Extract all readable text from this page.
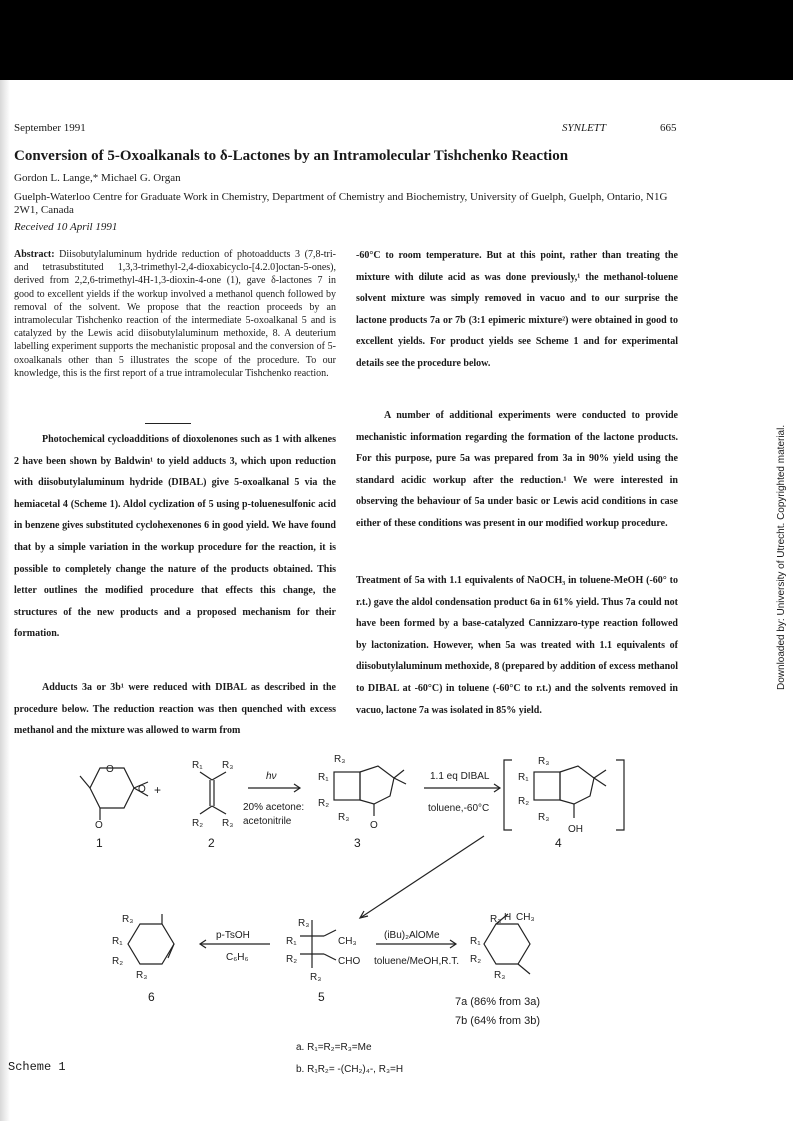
September 1991	SYNLETT	665
Conversion of 5-Oxoalkanals to δ-Lactones by an Intramolecular Tishchenko Reaction
Gordon L. Lange,* Michael G. Organ
Guelph-Waterloo Centre for Graduate Work in Chemistry, Department of Chemistry and Biochemistry, University of Guelph, Guelph, Ontario, N1G 2W1, Canada
Received 10 April 1991
Abstract: Diisobutylaluminum hydride reduction of photoadducts 3 (7,8-tri- and tetrasubstituted 1,3,3-trimethyl-2,4-dioxabicyclo-[4.2.0]octan-5-ones), derived from 2,2,6-trimethyl-4H-1,3-dioxin-4-one (1), gave δ-lactones 7 in good to excellent yields if the workup involved a methanol quench followed by removal of the solvent. We propose that the reaction proceeds by an intramolecular Tishchenko reaction of the intermediate 5-oxoalkanal 5 and is catalyzed by the Lewis acid diisobutylaluminum methoxide, 8. A deuterium labelling experiment supports the mechanistic proposal and the conversion of 5-oxoalkanals other than 5 illustrates the scope of the procedure. To our knowledge, this is the first report of a true intramolecular Tishchenko reaction.
Photochemical cycloadditions of dioxolenones such as 1 with alkenes 2 have been shown by Baldwin¹ to yield adducts 3, which upon reduction with diisobutylaluminum hydride (DIBAL) give 5-oxoalkanal 5 via the hemiacetal 4 (Scheme 1). Aldol cyclization of 5 using p-toluenesulfonic acid in benzene gives substituted cyclohexenones 6 in good yield. We have found that by a simple variation in the workup procedure for the reaction, it is possible to completely change the nature of the products obtained. This letter outlines the modified procedure that effects this change, the structures of the new products and a proposed mechanism for their formation.
Adducts 3a or 3b¹ were reduced with DIBAL as described in the procedure below. The reduction reaction was then quenched with excess methanol and the mixture was allowed to warm from
-60°C to room temperature. But at this point, rather than treating the mixture with dilute acid as was done previously,¹ the methanol-toluene solvent mixture was simply removed in vacuo and to our surprise the lactone products 7a or 7b (3:1 epimeric mixture²) were obtained in good to excellent yields. For product yields see Scheme 1 and for experimental details see the procedure below.
A number of additional experiments were conducted to provide mechanistic information regarding the formation of the lactone products. For this purpose, pure 5a was prepared from 3a in 90% yield using the standard acidic workup after the reduction.¹ We were interested in observing the behaviour of 5a under basic or Lewis acid conditions in case either of these conditions was present in our modified workup procedure.
Treatment of 5a with 1.1 equivalents of NaOCH₃ in toluene-MeOH (-60° to r.t.) gave the aldol condensation product 6a in 61% yield. Thus 7a could not have been formed by a base-catalyzed Cannizzaro-type reaction followed by lactonization. However, when 5a was treated with 1.1 equivalents of diisobutylaluminum methoxide, 8 (prepared by addition of excess methanol to DIBAL at -60°C) in toluene (-60°C to r.t.) and the solvents removed in vacuo, lactone 7a was isolated in 85% yield.
Downloaded by: University of Utrecht. Copyrighted material.
O
O
O
R₁ R₃
R₂ R₃
+
R₃
R₁
R₂
R₃
O
R₃
R₁
R₂
R₃
OH
R₃
R₁
R₂
R₃
R₃
R₁
R₂
CH₃
CHO
R₃
R₃ H CH₃
R₁
R₂
R₃
1	2	3	4
5
6
hν
20% acetone:
acetonitrile
1.1 eq DIBAL
toluene,-60°C
p-TsOH
C₆H₆
(iBu)₂AlOMe
toluene/MeOH,R.T.
7a (86% from 3a)
7b (64% from 3b)
a. R₁=R₂=R₃=Me
b. R₁R₂= -(CH₂)₄-, R₃=H
Scheme 1
